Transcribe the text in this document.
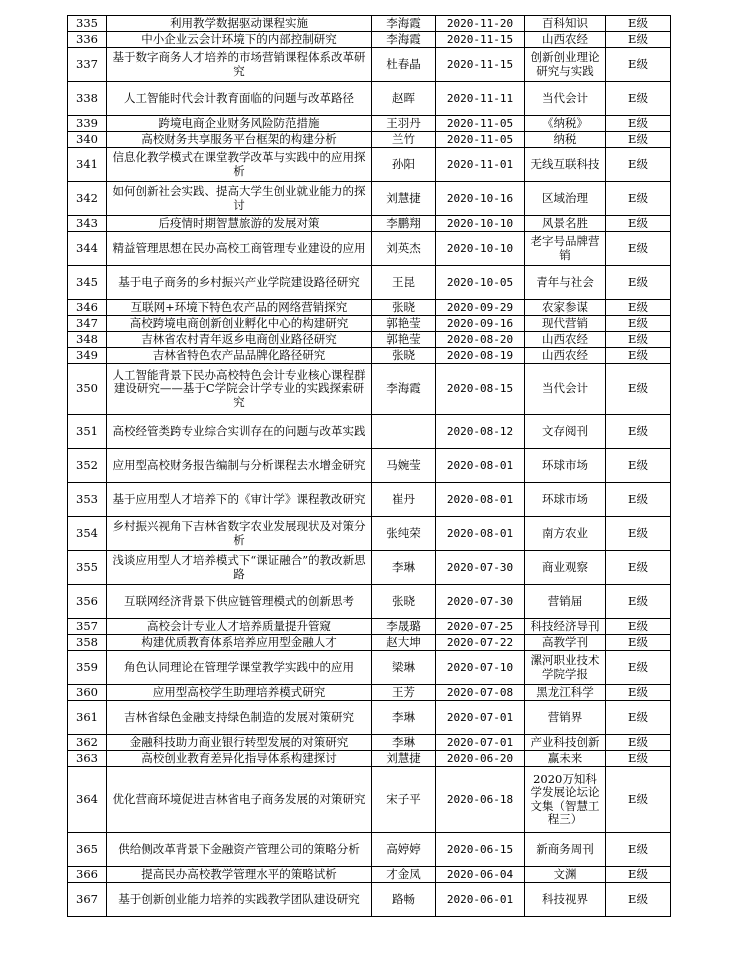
335	利用教学数据驱动课程实施	李海霞	2020-11-20	百科知识	E级
336	中小企业云会计环境下的内部控制研究	李海霞	2020-11-15	山西农经	E级
337	基于数字商务人才培养的市场营销课程体系改革研究	杜春晶	2020-11-15	创新创业理论研究与实践	E级
338	人工智能时代会计教育面临的问题与改革路径	赵晖	2020-11-11	当代会计	E级
339	跨境电商企业财务风险防范措施	王羽丹	2020-11-05	《纳税》	E级
340	高校财务共享服务平台框架的构建分析	兰竹	2020-11-05	纳税	E级
341	信息化教学模式在课堂教学改革与实践中的应用探析	孙阳	2020-11-01	无线互联科技	E级
342	如何创新社会实践、提高大学生创业就业能力的探讨	刘慧捷	2020-10-16	区域治理	E级
343	后疫情时期智慧旅游的发展对策	李鹏翔	2020-10-10	风景名胜	E级
344	精益管理思想在民办高校工商管理专业建设的应用	刘英杰	2020-10-10	老字号品牌营销	E级
345	基于电子商务的乡村振兴产业学院建设路径研究	王昆	2020-10-05	青年与社会	E级
346	互联网+环境下特色农产品的网络营销探究	张晓	2020-09-29	农家参谋	E级
347	高校跨境电商创新创业孵化中心的构建研究	郭艳莹	2020-09-16	现代营销	E级
348	吉林省农村青年返乡电商创业路径研究	郭艳莹	2020-08-20	山西农经	E级
349	吉林省特色农产品品牌化路径研究	张晓	2020-08-19	山西农经	E级
350	人工智能背景下民办高校特色会计专业核心课程群建设研究——基于C学院会计学专业的实践探索研究	李海霞	2020-08-15	当代会计	E级
351	高校经管类跨专业综合实训存在的问题与改革实践		2020-08-12	文存阅刊	E级
352	应用型高校财务报告编制与分析课程去水增金研究	马婉莹	2020-08-01	环球市场	E级
353	基于应用型人才培养下的《审计学》课程教改研究	崔丹	2020-08-01	环球市场	E级
354	乡村振兴视角下吉林省数字农业发展现状及对策分析	张纯荣	2020-08-01	南方农业	E级
355	浅谈应用型人才培养模式下“课证融合”的教改新思路	李琳	2020-07-30	商业观察	E级
356	互联网经济背景下供应链管理模式的创新思考	张晓	2020-07-30	营销届	E级
357	高校会计专业人才培养质量提升管窥	李晟璐	2020-07-25	科技经济导刊	E级
358	构建优质教育体系培养应用型金融人才	赵大坤	2020-07-22	高教学刊	E级
359	角色认同理论在管理学课堂教学实践中的应用	梁琳	2020-07-10	漯河职业技术学院学报	E级
360	应用型高校学生助理培养模式研究	王芳	2020-07-08	黑龙江科学	E级
361	吉林省绿色金融支持绿色制造的发展对策研究	李琳	2020-07-01	营销界	E级
362	金融科技助力商业银行转型发展的对策研究	李琳	2020-07-01	产业科技创新	E级
363	高校创业教育差异化指导体系构建探讨	刘慧捷	2020-06-20	赢未来	E级
364	优化营商环境促进吉林省电子商务发展的对策研究	宋子平	2020-06-18	2020万知科学发展论坛论文集（智慧工程三）	E级
365	供给侧改革背景下金融资产管理公司的策略分析	高婷婷	2020-06-15	新商务周刊	E级
366	提高民办高校教学管理水平的策略试析	才金凤	2020-06-04	文渊	E级
367	基于创新创业能力培养的实践教学团队建设研究	路畅	2020-06-01	科技视界	E级
